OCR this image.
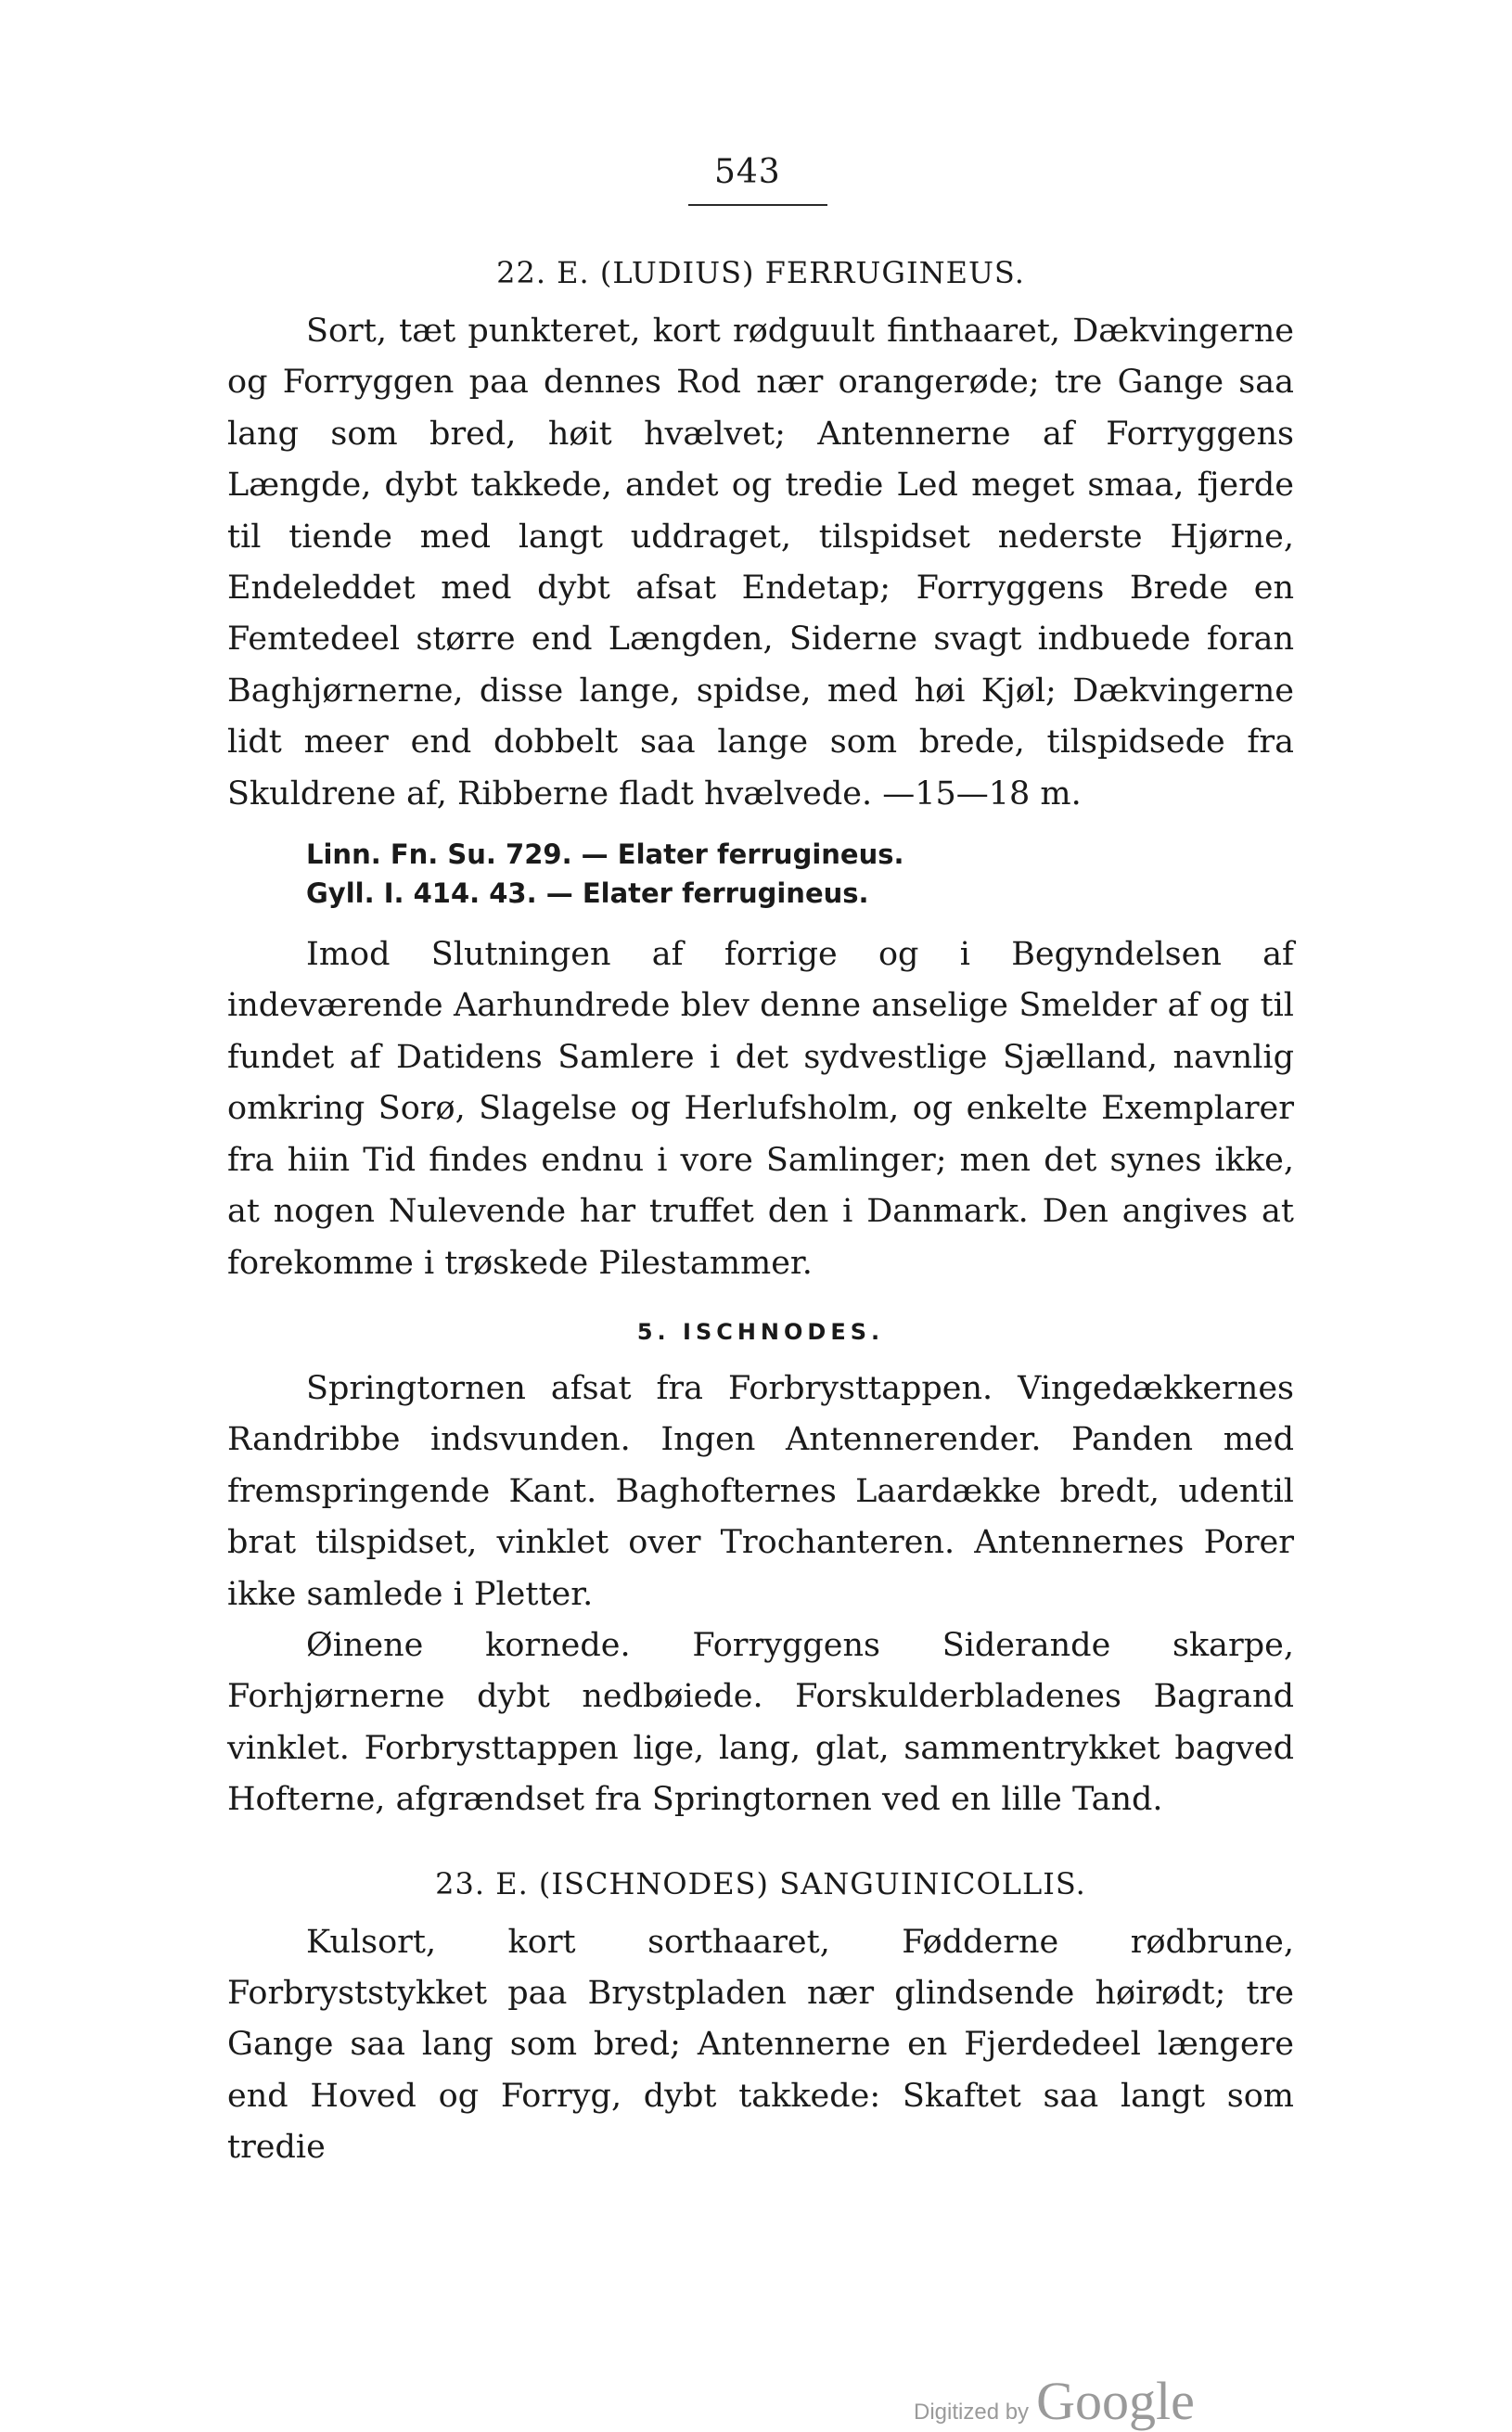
543
22. E. (LUDIUS) FERRUGINEUS.

Sort, tæt punkteret, kort rødguult finthaaret, Dækvingerne og Forryggen paa dennes Rod nær orangerøde; tre Gange saa lang som bred, høit hvælvet; Antennerne af Forryggens Længde, dybt takkede, andet og tredie Led meget smaa, fjerde til tiende med langt uddraget, tilspidset nederste Hjørne, Endeleddet med dybt afsat Endetap; Forryggens Brede en Femtedeel større end Længden, Siderne svagt indbuede foran Baghjørnerne, disse lange, spidse, med høi Kjøl; Dækvingerne lidt meer end dobbelt saa lange som brede, tilspidsede fra Skuldrene af, Ribberne fladt hvælvede. —15—18 m.

Linn. Fn. Su. 729. — Elater ferrugineus.
Gyll. I. 414. 43. — Elater ferrugineus.

Imod Slutningen af forrige og i Begyndelsen af indeværende Aarhundrede blev denne anselige Smelder af og til fundet af Datidens Samlere i det sydvestlige Sjælland, navnlig omkring Sorø, Slagelse og Herlufsholm, og enkelte Exemplarer fra hiin Tid findes endnu i vore Samlinger; men det synes ikke, at nogen Nulevende har truffet den i Danmark. Den angives at forekomme i trøskede Pilestammer.

5. ISCHNODES.

Springtornen afsat fra Forbrysttappen. Vingedækkernes Randribbe indsvunden. Ingen Antennerender. Panden med fremspringende Kant. Baghofternes Laardække bredt, udentil brat tilspidset, vinklet over Trochanteren. Antennernes Porer ikke samlede i Pletter.

Øinene kornede. Forryggens Siderande skarpe, Forhjørnerne dybt nedbøiede. Forskulderbladenes Bagrand vinklet. Forbrysttappen lige, lang, glat, sammentrykket bagved Hofterne, afgrændset fra Springtornen ved en lille Tand.

23. E. (ISCHNODES) SANGUINICOLLIS.

Kulsort, kort sorthaaret, Fødderne rødbrune, Forbryststykket paa Brystpladen nær glindsende høirødt; tre Gange saa lang som bred; Antennerne en Fjerdedeel længere end Hoved og Forryg, dybt takkede: Skaftet saa langt som tredie

Digitized by Google
